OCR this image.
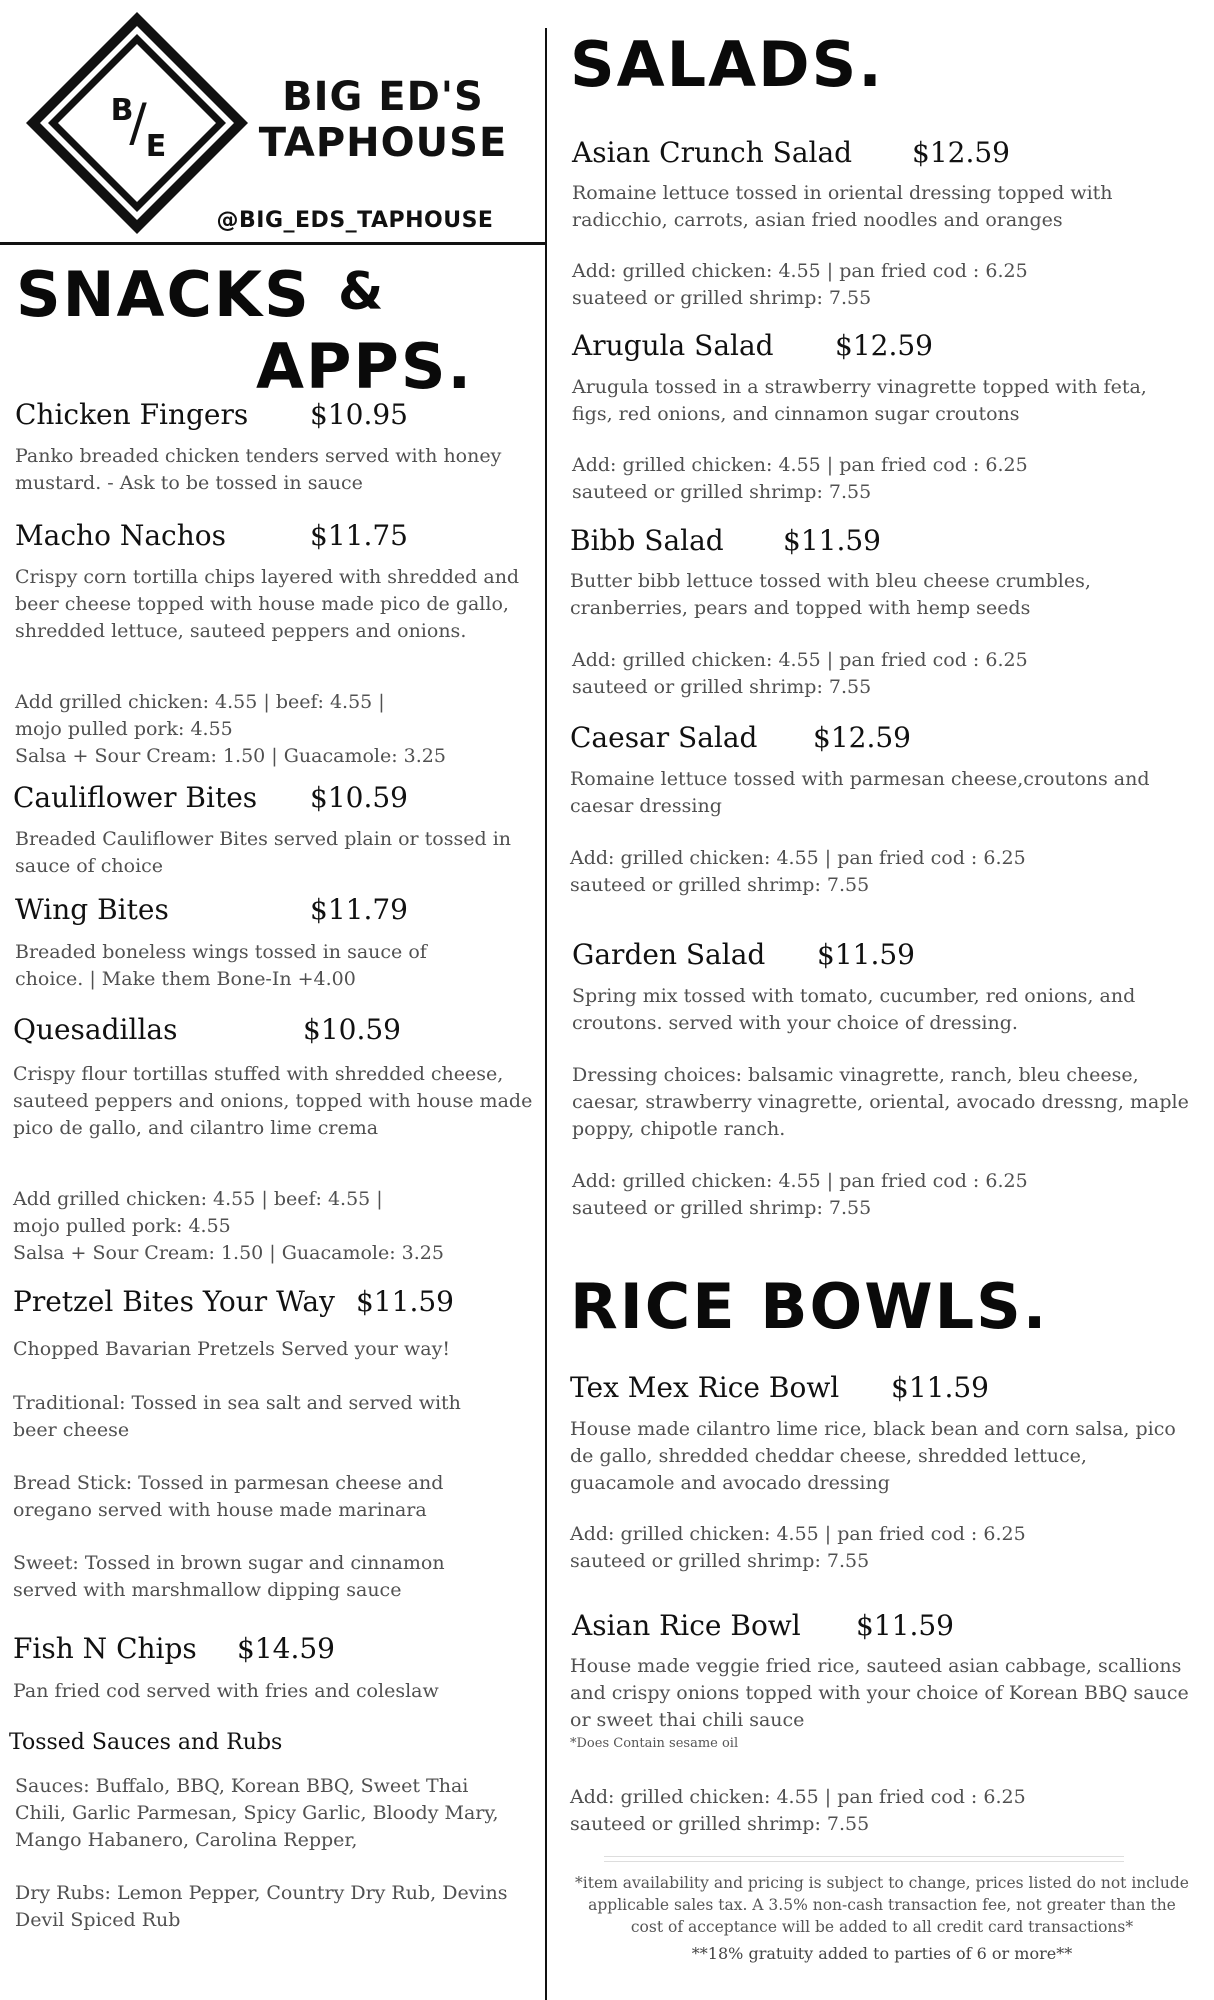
B
/
E
BIG ED'S
TAPHOUSE
@BIG_EDS_TAPHOUSE
SNACKS &
APPS.
Chicken Fingers $10.95
Panko breaded chicken tenders served with honey mustard. - Ask to be tossed in sauce
Macho Nachos	$11.75
Crispy corn tortilla chips layered with shredded and beer cheese topped with house made pico de gallo, shredded lettuce, sauteed peppers and onions.
Add grilled chicken: 4.55 | beef: 4.55 |
mojo pulled pork: 4.55
Salsa + Sour Cream: 1.50 | Guacamole: 3.25
Cauliflower Bites $10.59
Breaded Cauliflower Bites served plain or tossed in sauce of choice
Wing Bites	$11.79
Breaded boneless wings tossed in sauce of choice. | Make them Bone-In +4.00
Quesadillas	$10.59
Crispy flour tortillas stuffed with shredded cheese, sauteed peppers and onions, topped with house made pico de gallo, and cilantro lime crema
Add grilled chicken: 4.55 | beef: 4.55 |
mojo pulled pork: 4.55
Salsa + Sour Cream: 1.50 | Guacamole: 3.25
Pretzel Bites Your Way $11.59
Chopped Bavarian Pretzels Served your way!
Traditional: Tossed in sea salt and served with beer cheese
Bread Stick: Tossed in parmesan cheese and oregano served with house made marinara
Sweet: Tossed in brown sugar and cinnamon served with marshmallow dipping sauce
Fish N Chips $14.59
Pan fried cod served with fries and coleslaw
Tossed Sauces and Rubs
Sauces: Buffalo, BBQ, Korean BBQ, Sweet Thai Chili, Garlic Parmesan, Spicy Garlic, Bloody Mary, Mango Habanero, Carolina Repper,
Dry Rubs: Lemon Pepper, Country Dry Rub, Devins Devil Spiced Rub
SALADS.
Asian Crunch Salad $12.59
Romaine lettuce tossed in oriental dressing topped with radicchio, carrots, asian fried noodles and oranges
Add: grilled chicken: 4.55 | pan fried cod : 6.25
suateed or grilled shrimp: 7.55
Arugula Salad $12.59
Arugula tossed in a strawberry vinagrette topped with feta, figs, red onions, and cinnamon sugar croutons
Add: grilled chicken: 4.55 | pan fried cod : 6.25
sauteed or grilled shrimp: 7.55
Bibb Salad $11.59
Butter bibb lettuce tossed with bleu cheese crumbles, cranberries, pears and topped with hemp seeds
Add: grilled chicken: 4.55 | pan fried cod : 6.25
sauteed or grilled shrimp: 7.55
Caesar Salad $12.59
Romaine lettuce tossed with parmesan cheese,croutons and caesar dressing
Add: grilled chicken: 4.55 | pan fried cod : 6.25
sauteed or grilled shrimp: 7.55
Garden Salad $11.59
Spring mix tossed with tomato, cucumber, red onions, and croutons. served with your choice of dressing.
Dressing choices: balsamic vinagrette, ranch, bleu cheese, caesar, strawberry vinagrette, oriental, avocado dressng, maple poppy, chipotle ranch.
Add: grilled chicken: 4.55 | pan fried cod : 6.25
sauteed or grilled shrimp: 7.55
RICE BOWLS.
Tex Mex Rice Bowl $11.59
House made cilantro lime rice, black bean and corn salsa, pico de gallo, shredded cheddar cheese, shredded lettuce, guacamole and avocado dressing
Add: grilled chicken: 4.55 | pan fried cod : 6.25
sauteed or grilled shrimp: 7.55
Asian Rice Bowl $11.59
House made veggie fried rice, sauteed asian cabbage, scallions and crispy onions topped with your choice of Korean BBQ sauce or sweet thai chili sauce
*Does Contain sesame oil
Add: grilled chicken: 4.55 | pan fried cod : 6.25
sauteed or grilled shrimp: 7.55
*item availability and pricing is subject to change, prices listed do not include applicable sales tax. A 3.5% non-cash transaction fee, not greater than the cost of acceptance will be added to all credit card transactions*
**18% gratuity added to parties of 6 or more**
